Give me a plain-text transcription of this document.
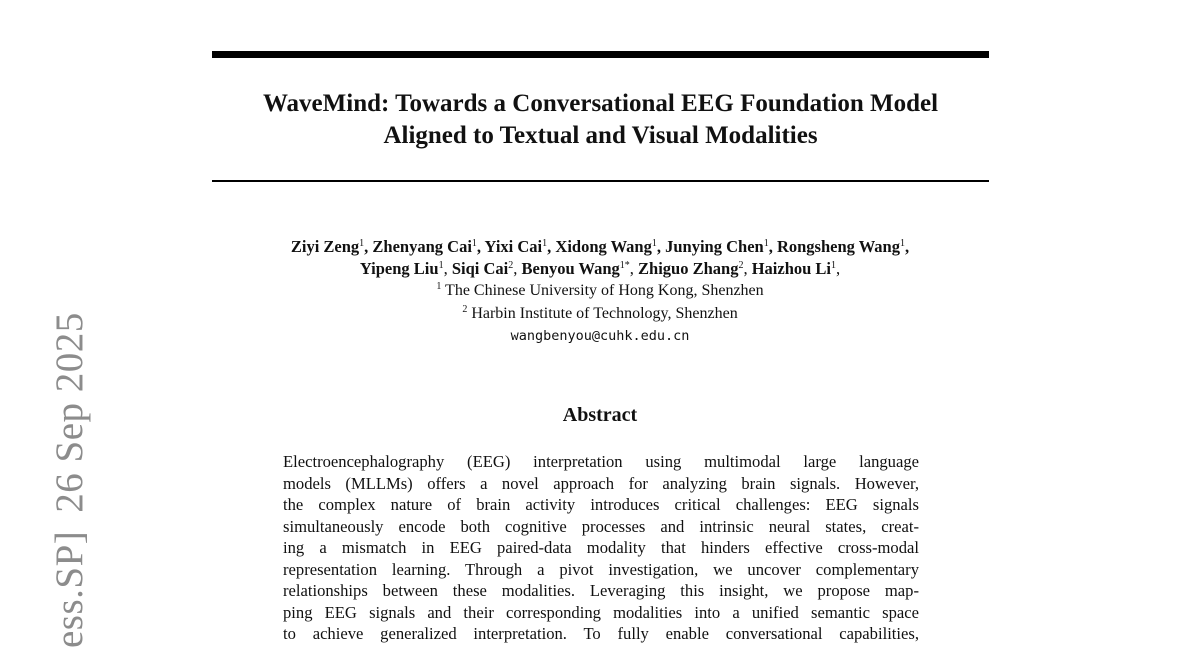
WaveMind: Towards a Conversational EEG Foundation Model
Aligned to Textual and Visual Modalities
Ziyi Zeng$^1$, Zhenyang Cai$^1$, Yixi Cai$^1$, Xidong Wang$^1$, Junying Chen$^1$, Rongsheng Wang$^1$,
Yipeng Liu$^1$, Siqi Cai$^2$, Benyou Wang$^{1*}$, Zhiguo Zhang$^2$, Haizhou Li$^1$,
$^1$ The Chinese University of Hong Kong, Shenzhen
$^2$ Harbin Institute of Technology, Shenzhen
wangbenyou@cuhk.edu.cn
Abstract
Electroencephalography (EEG) interpretation using multimodal large language
models (MLLMs) offers a novel approach for analyzing brain signals. However,
the complex nature of brain activity introduces critical challenges: EEG signals
simultaneously encode both cognitive processes and intrinsic neural states, creat-
ing a mismatch in EEG paired-data modality that hinders effective cross-modal
representation learning. Through a pivot investigation, we uncover complementary
relationships between these modalities. Leveraging this insight, we propose map-
ping EEG signals and their corresponding modalities into a unified semantic space
to achieve generalized interpretation. To fully enable conversational capabilities,
ess.SP]26 Sep 2025
